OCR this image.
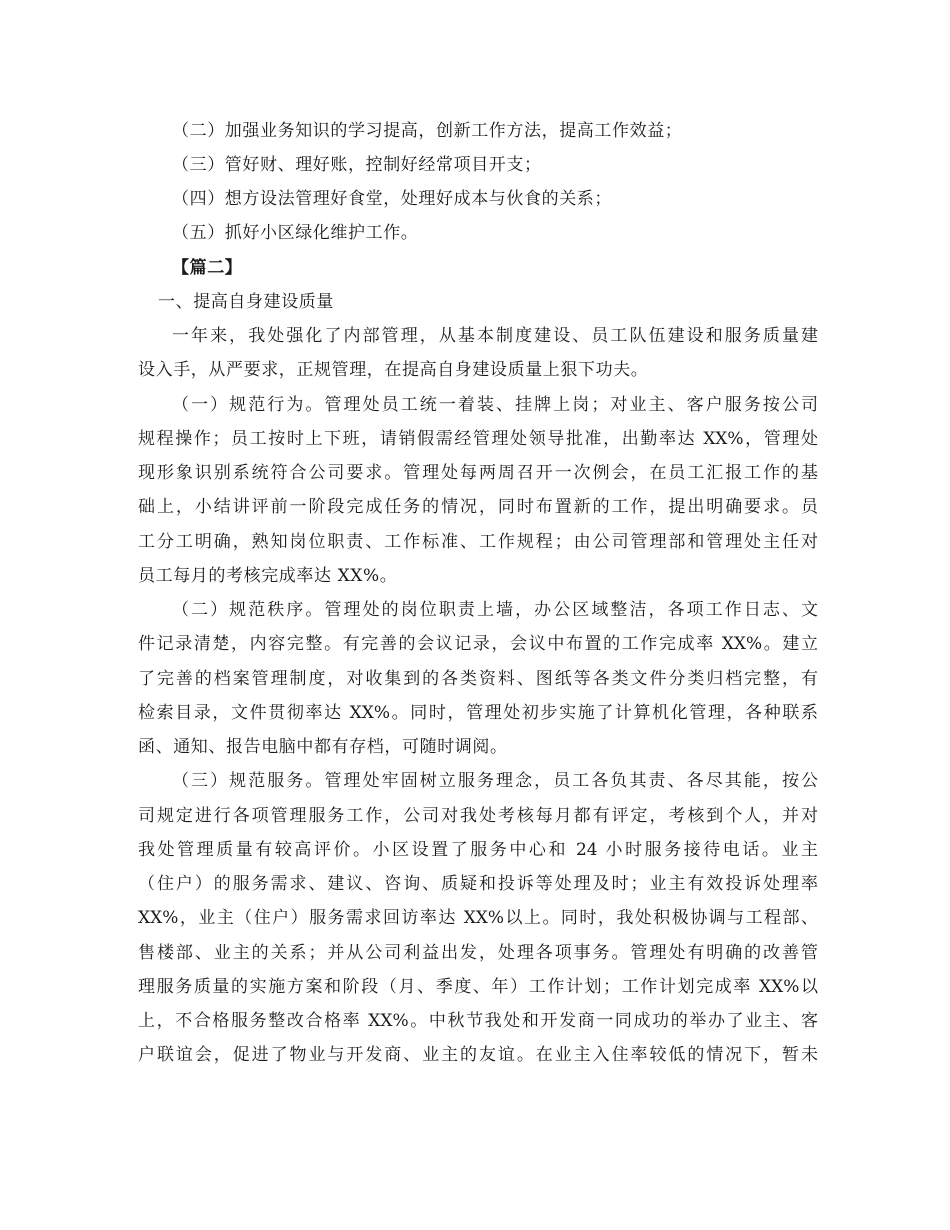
（二）加强业务知识的学习提高，创新工作方法，提高工作效益；
（三）管好财、理好账，控制好经常项目开支；
（四）想方设法管理好食堂，处理好成本与伙食的关系；
（五）抓好小区绿化维护工作。
【篇二】
一、提高自身建设质量
一年来，我处强化了内部管理，从基本制度建设、员工队伍建设和服务质量建
设入手，从严要求，正规管理，在提高自身建设质量上狠下功夫。
（一）规范行为。管理处员工统一着装、挂牌上岗；对业主、客户服务按公司
规程操作；员工按时上下班，请销假需经管理处领导批准，出勤率达 XX%，管理处
现形象识别系统符合公司要求。管理处每两周召开一次例会，在员工汇报工作的基
础上，小结讲评前一阶段完成任务的情况，同时布置新的工作，提出明确要求。员
工分工明确，熟知岗位职责、工作标准、工作规程；由公司管理部和管理处主任对
员工每月的考核完成率达 XX%。
（二）规范秩序。管理处的岗位职责上墙，办公区域整洁，各项工作日志、文
件记录清楚，内容完整。有完善的会议记录，会议中布置的工作完成率 XX%。建立
了完善的档案管理制度，对收集到的各类资料、图纸等各类文件分类归档完整，有
检索目录，文件贯彻率达 XX%。同时，管理处初步实施了计算机化管理，各种联系
函、通知、报告电脑中都有存档，可随时调阅。
（三）规范服务。管理处牢固树立服务理念，员工各负其责、各尽其能，按公
司规定进行各项管理服务工作，公司对我处考核每月都有评定，考核到个人，并对
我处管理质量有较高评价。小区设置了服务中心和 24 小时服务接待电话。业主
（住户）的服务需求、建议、咨询、质疑和投诉等处理及时；业主有效投诉处理率
XX%，业主（住户）服务需求回访率达 XX%以上。同时，我处积极协调与工程部、
售楼部、业主的关系；并从公司利益出发，处理各项事务。管理处有明确的改善管
理服务质量的实施方案和阶段（月、季度、年）工作计划；工作计划完成率 XX%以
上，不合格服务整改合格率 XX%。中秋节我处和开发商一同成功的举办了业主、客
户联谊会，促进了物业与开发商、业主的友谊。在业主入住率较低的情况下，暂未
